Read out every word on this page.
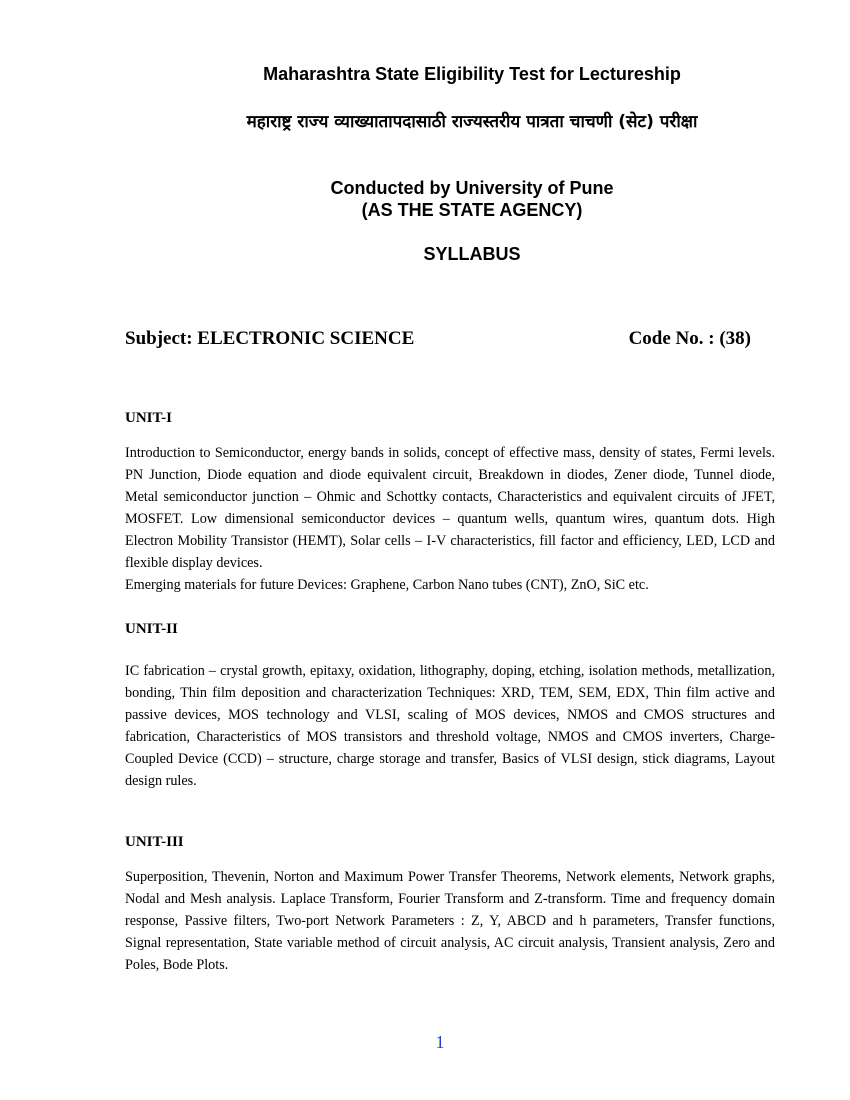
Maharashtra State Eligibility Test for Lectureship
महाराष्ट्र राज्य व्याख्यातापदासाठी राज्यस्तरीय पात्रता चाचणी (सेट) परीक्षा
Conducted by University of Pune
(AS THE STATE AGENCY)
SYLLABUS
Subject: ELECTRONIC SCIENCE	Code No. : (38)
UNIT-I
Introduction to Semiconductor, energy bands in solids, concept of effective mass, density of states, Fermi levels. PN Junction, Diode equation and diode equivalent circuit, Breakdown in diodes, Zener diode, Tunnel diode, Metal semiconductor junction – Ohmic and Schottky contacts, Characteristics and equivalent circuits of JFET, MOSFET. Low dimensional semiconductor devices – quantum wells, quantum wires, quantum dots. High Electron Mobility Transistor (HEMT), Solar cells – I-V characteristics, fill factor and efficiency, LED, LCD and flexible display devices.
Emerging materials for future Devices: Graphene, Carbon Nano tubes (CNT), ZnO, SiC etc.
UNIT-II
IC fabrication – crystal growth, epitaxy, oxidation, lithography, doping, etching, isolation methods, metallization, bonding, Thin film deposition and characterization Techniques: XRD, TEM, SEM, EDX, Thin film active and passive devices, MOS technology and VLSI, scaling of MOS devices, NMOS and CMOS structures and fabrication, Characteristics of MOS transistors and threshold voltage, NMOS and CMOS inverters, Charge-Coupled Device (CCD) – structure, charge storage and transfer, Basics of VLSI design, stick diagrams, Layout design rules.
UNIT-III
Superposition, Thevenin, Norton and Maximum Power Transfer Theorems, Network elements, Network graphs, Nodal and Mesh analysis. Laplace Transform, Fourier Transform and Z-transform. Time and frequency domain response, Passive filters, Two-port Network Parameters : Z, Y, ABCD and h parameters, Transfer functions, Signal representation, State variable method of circuit analysis, AC circuit analysis, Transient analysis, Zero and Poles, Bode Plots.
1
